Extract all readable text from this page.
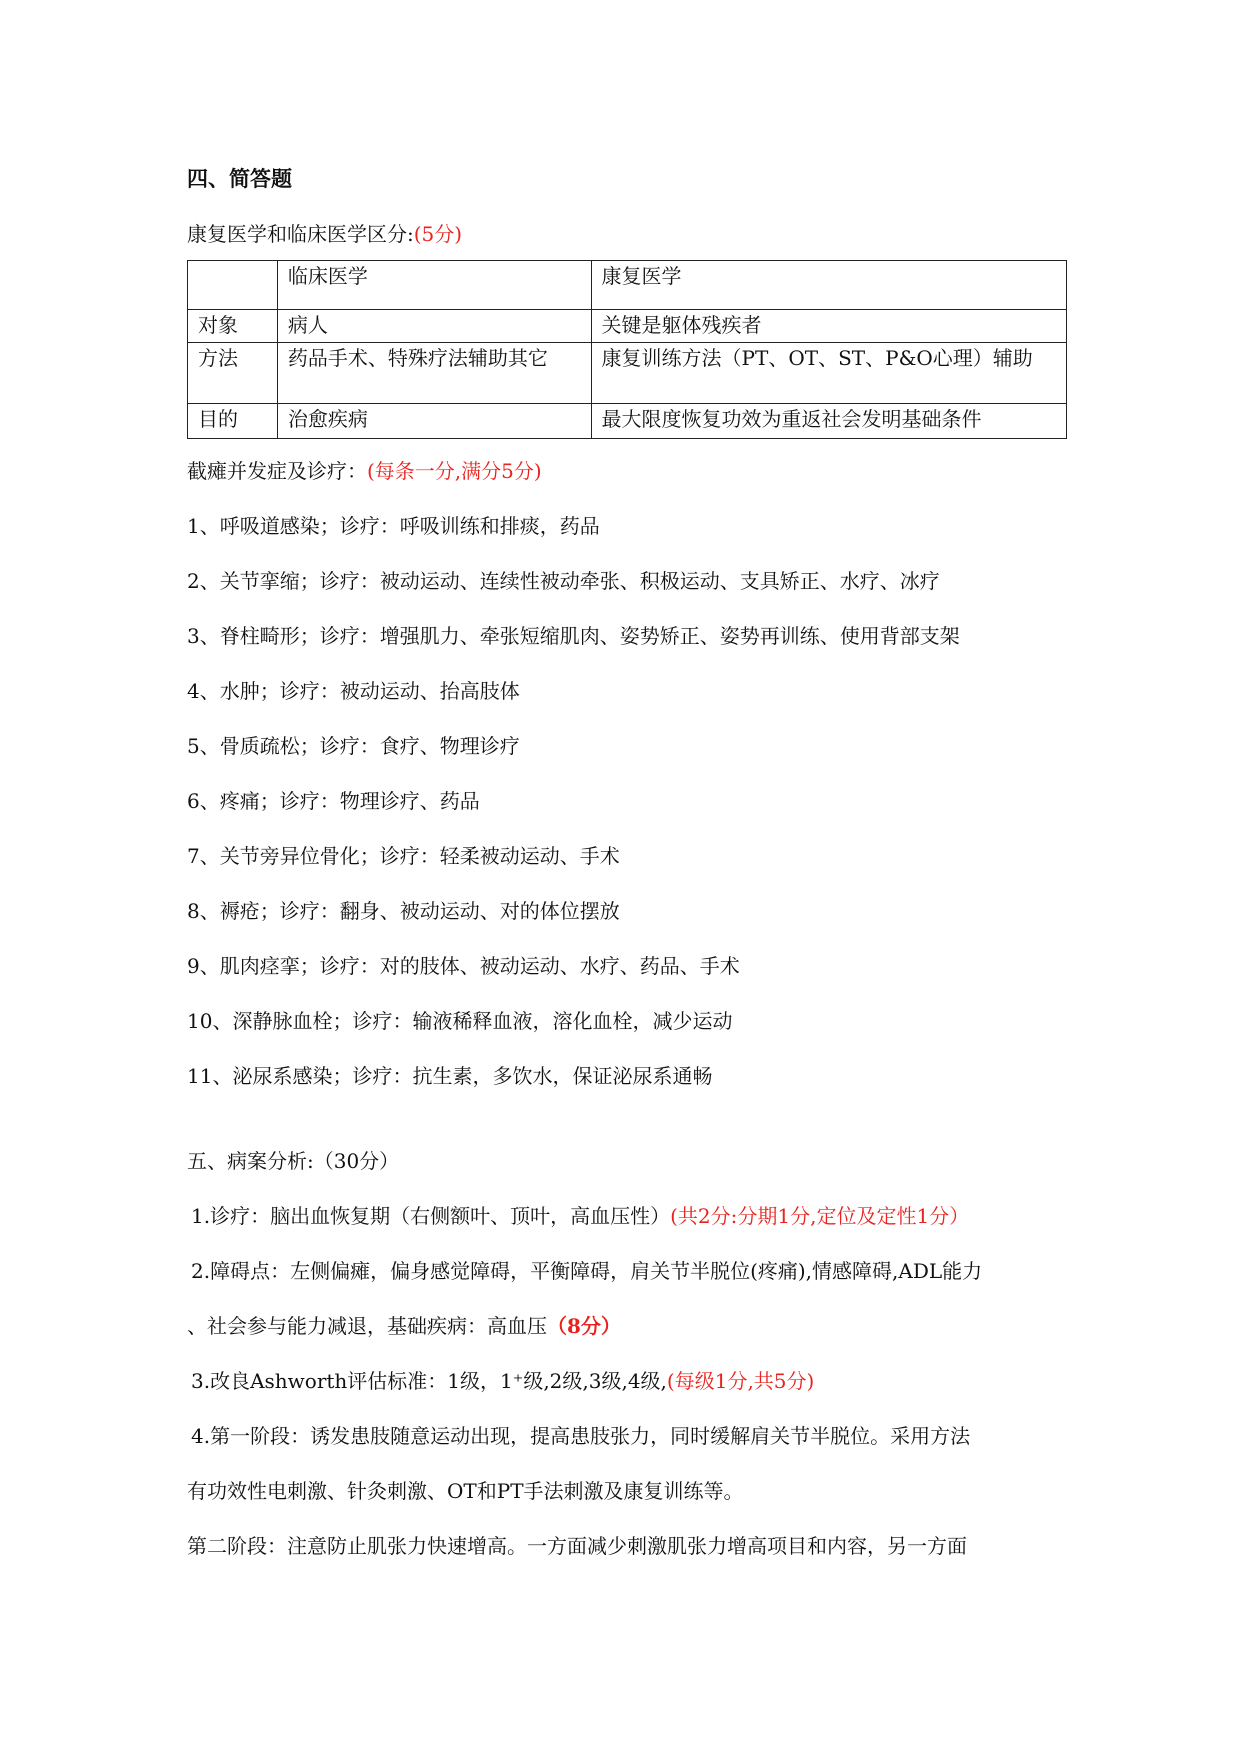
四、简答题
康复医学和临床医学区分:(5分)
	临床医学	康复医学
对象	病人	关键是躯体残疾者
方法	药品手术、特殊疗法辅助其它	康复训练方法（PT、OT、ST、P&O心理）辅助
目的	治愈疾病	最大限度恢复功效为重返社会发明基础条件
截瘫并发症及诊疗：(每条一分,满分5分)
1、呼吸道感染；诊疗：呼吸训练和排痰，药品
2、关节挛缩；诊疗：被动运动、连续性被动牵张、积极运动、支具矫正、水疗、冰疗
3、脊柱畸形；诊疗：增强肌力、牵张短缩肌肉、姿势矫正、姿势再训练、使用背部支架
4、水肿；诊疗：被动运动、抬高肢体
5、骨质疏松；诊疗：食疗、物理诊疗
6、疼痛；诊疗：物理诊疗、药品
7、关节旁异位骨化；诊疗：轻柔被动运动、手术
8、褥疮；诊疗：翻身、被动运动、对的体位摆放
9、肌肉痉挛；诊疗：对的肢体、被动运动、水疗、药品、手术
10、深静脉血栓；诊疗：输液稀释血液，溶化血栓，减少运动
11、泌尿系感染；诊疗：抗生素，多饮水，保证泌尿系通畅
五、病案分析:（30分）
1.诊疗：脑出血恢复期（右侧额叶、顶叶，高血压性）(共2分:分期1分,定位及定性1分）
2.障碍点：左侧偏瘫，偏身感觉障碍，平衡障碍，肩关节半脱位(疼痛),情感障碍,ADL能力
、社会参与能力减退，基础疾病：高血压（8分）
3.改良Ashworth评估标准：1级，1⁺级,2级,3级,4级,(每级1分,共5分)
4.第一阶段：诱发患肢随意运动出现，提高患肢张力，同时缓解肩关节半脱位。采用方法
有功效性电刺激、针灸刺激、OT和PT手法刺激及康复训练等。
第二阶段：注意防止肌张力快速增高。一方面减少刺激肌张力增高项目和内容，另一方面
